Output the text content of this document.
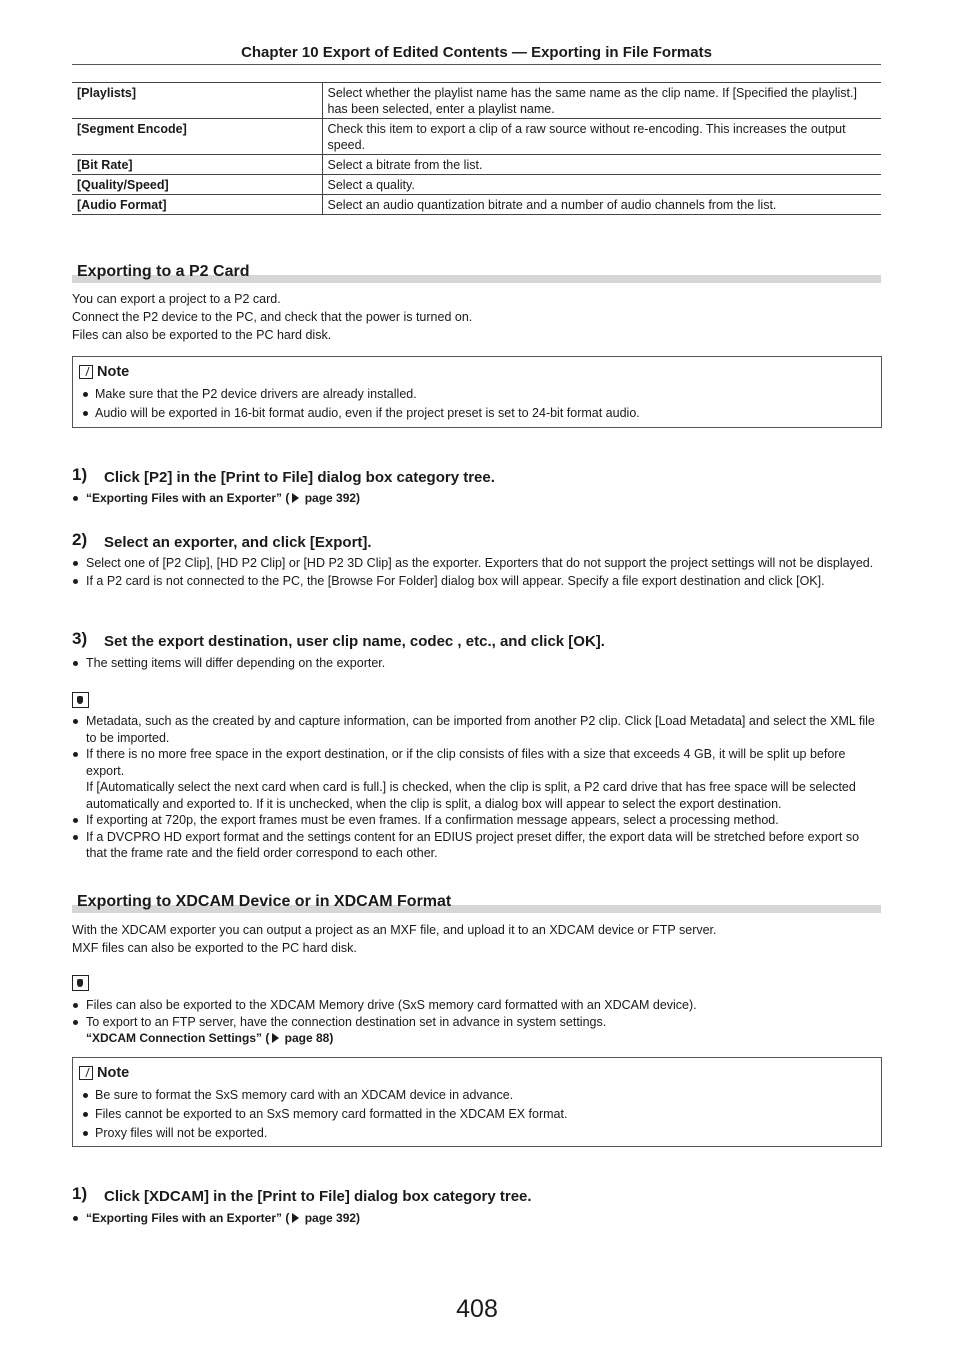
Chapter 10 Export of Edited Contents — Exporting in File Formats
[Playlists]	Select whether the playlist name has the same name as the clip name. If [Specified the playlist.] has been selected, enter a playlist name.
[Segment Encode]	Check this item to export a clip of a raw source without re-encoding. This increases the output speed.
[Bit Rate]	Select a bitrate from the list.
[Quality/Speed]	Select a quality.
[Audio Format]	Select an audio quantization bitrate and a number of audio channels from the list.
Exporting to a P2 Card
You can export a project to a P2 card.
Connect the P2 device to the PC, and check that the power is turned on.
Files can also be exported to the PC hard disk.
Note
Make sure that the P2 device drivers are already installed.
Audio will be exported in 16-bit format audio, even if the project preset is set to 24-bit format audio.
1) Click [P2] in the [Print to File] dialog box category tree.
“Exporting Files with an Exporter” ( page 392)
2) Select an exporter, and click [Export].
Select one of [P2 Clip], [HD P2 Clip] or [HD P2 3D Clip] as the exporter. Exporters that do not support the project settings will not be displayed.
If a P2 card is not connected to the PC, the [Browse For Folder] dialog box will appear. Specify a file export destination and click [OK].
3) Set the export destination, user clip name, codec , etc., and click [OK].
The setting items will differ depending on the exporter.
Metadata, such as the created by and capture information, can be imported from another P2 clip. Click [Load Metadata] and select the XML file to be imported.
If there is no more free space in the export destination, or if the clip consists of files with a size that exceeds 4 GB, it will be split up before export.
If [Automatically select the next card when card is full.] is checked, when the clip is split, a P2 card drive that has free space will be selected automatically and exported to. If it is unchecked, when the clip is split, a dialog box will appear to select the export destination.
If exporting at 720p, the export frames must be even frames. If a confirmation message appears, select a processing method.
If a DVCPRO HD export format and the settings content for an EDIUS project preset differ, the export data will be stretched before export so that the frame rate and the field order correspond to each other.
Exporting to XDCAM Device or in XDCAM Format
With the XDCAM exporter you can output a project as an MXF file, and upload it to an XDCAM device or FTP server.
MXF files can also be exported to the PC hard disk.
Files can also be exported to the XDCAM Memory drive (SxS memory card formatted with an XDCAM device).
To export to an FTP server, have the connection destination set in advance in system settings.
“XDCAM Connection Settings” ( page 88)
Note
Be sure to format the SxS memory card with an XDCAM device in advance.
Files cannot be exported to an SxS memory card formatted in the XDCAM EX format.
Proxy files will not be exported.
1) Click [XDCAM] in the [Print to File] dialog box category tree.
“Exporting Files with an Exporter” ( page 392)
408
